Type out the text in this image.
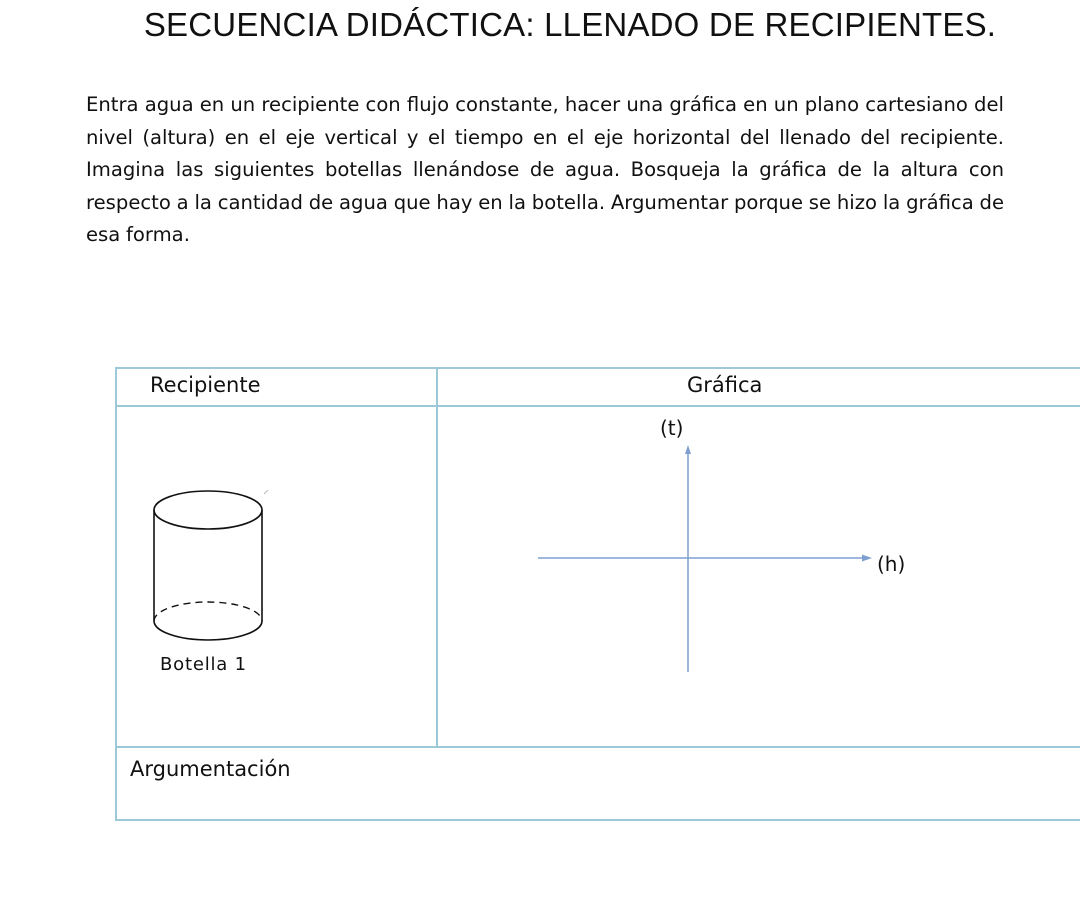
SECUENCIA DIDÁCTICA: LLENADO DE RECIPIENTES.

Entra agua en un recipiente con flujo constante, hacer una gráfica en un plano cartesiano del nivel (altura) en el eje vertical y el tiempo en el eje horizontal del llenado del recipiente. Imagina las siguientes botellas llenándose de agua. Bosqueja la gráfica de la altura con respecto a la cantidad de agua que hay en la botella. Argumentar porque se hizo la gráfica de esa forma.

Recipiente	Gráfica
Botella 1
(t)
(h)
Argumentación
